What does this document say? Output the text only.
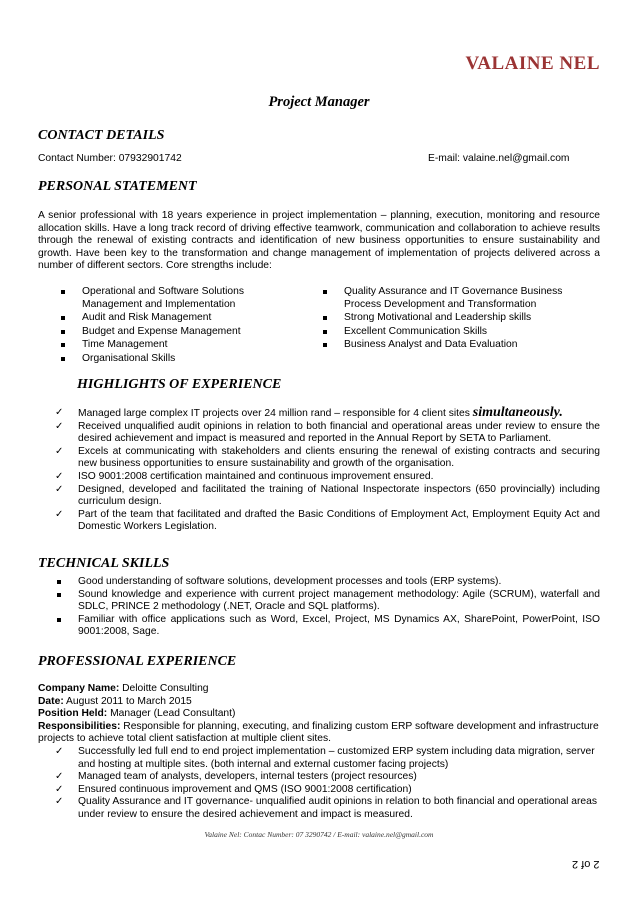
VALAINE NEL
Project Manager
CONTACT DETAILS
Contact Number: 07932901742	E-mail: valaine.nel@gmail.com
PERSONAL STATEMENT
A senior professional with 18 years experience in project implementation – planning, execution, monitoring and resource allocation skills. Have a long track record of driving effective teamwork, communication and collaboration to achieve results through the renewal of existing contracts and identification of new business opportunities to ensure sustainability and growth. Have been key to the transformation and change management of implementation of projects delivered across a number of different sectors. Core strengths include:
Operational and Software Solutions Management and Implementation
Audit and Risk Management
Budget and Expense Management
Time Management
Organisational Skills
Quality Assurance and IT Governance Business Process Development and Transformation
Strong Motivational and Leadership skills
Excellent Communication Skills
Business Analyst and Data Evaluation
HIGHLIGHTS OF EXPERIENCE
✓ Managed large complex IT projects over 24 million rand – responsible for 4 client sites simultaneously.
✓ Received unqualified audit opinions in relation to both financial and operational areas under review to ensure the desired achievement and impact is measured and reported in the Annual Report by SETA to Parliament.
✓ Excels at communicating with stakeholders and clients ensuring the renewal of existing contracts and securing new business opportunities to ensure sustainability and growth of the organisation.
✓ ISO 9001:2008 certification maintained and continuous improvement ensured.
✓ Designed, developed and facilitated the training of National Inspectorate inspectors (650 provincially) including curriculum design.
✓ Part of the team that facilitated and drafted the Basic Conditions of Employment Act, Employment Equity Act and Domestic Workers Legislation.
TECHNICAL SKILLS
Good understanding of software solutions, development processes and tools (ERP systems).
Sound knowledge and experience with current project management methodology: Agile (SCRUM), waterfall and SDLC, PRINCE 2 methodology (.NET, Oracle and SQL platforms).
Familiar with office applications such as Word, Excel, Project, MS Dynamics AX, SharePoint, PowerPoint, ISO 9001:2008, Sage.
PROFESSIONAL EXPERIENCE
Company Name: Deloitte Consulting
Date: August 2011 to March 2015
Position Held: Manager (Lead Consultant)
Responsibilities: Responsible for planning, executing, and finalizing custom ERP software development and infrastructure projects to achieve total client satisfaction at multiple client sites.
✓ Successfully led full end to end project implementation – customized ERP system including data migration, server and hosting at multiple sites. (both internal and external customer facing projects)
✓ Managed team of analysts, developers, internal testers (project resources)
✓ Ensured continuous improvement and QMS (ISO 9001:2008 certification)
✓ Quality Assurance and IT governance- unqualified audit opinions in relation to both financial and operational areas under review to ensure the desired achievement and impact is measured.
Valaine Nel: Contac Number: 07 3290742 / E-mail: valaine.nel@gmail.com
2 of 2
